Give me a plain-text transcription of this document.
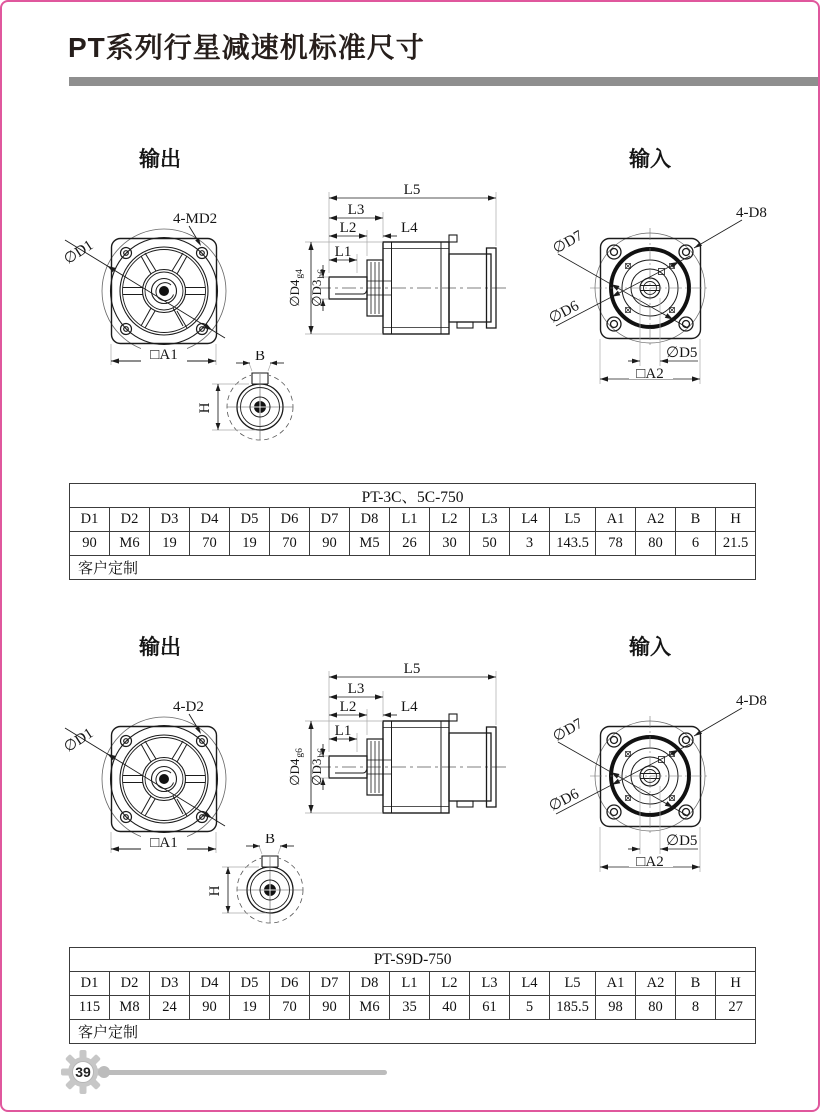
PT系列行星减速机标准尺寸
输出	输入
4-MD2
∅D1
□A1
L5
L3
L2	L4
L1
$\emptyset D4_{g4}$
$\emptyset D3_{h6}$
B
H
4-D8
∅D7
∅D6
∅D5
□A2
PT-3C、5C-750																
D1	D2	D3	D4	D5	D6	D7	D8	L1	L2	L3	L4	L5	A1	A2	B	H
90	M6	19	70	19	70	90	M5	26	30	50	3	143.5	78	80	6	21.5
客户定制																
输出	输入
4-D2
∅D1
□A1
L5
L3
L2	L4
L1
$\emptyset D4_{g6}$
$\emptyset D3_{h6}$
B
H
4-D8
∅D7
∅D6
∅D5
□A2
PT-S9D-750																
D1	D2	D3	D4	D5	D6	D7	D8	L1	L2	L3	L4	L5	A1	A2	B	H
115	M8	24	90	19	70	90	M6	35	40	61	5	185.5	98	80	8	27
客户定制																
39
